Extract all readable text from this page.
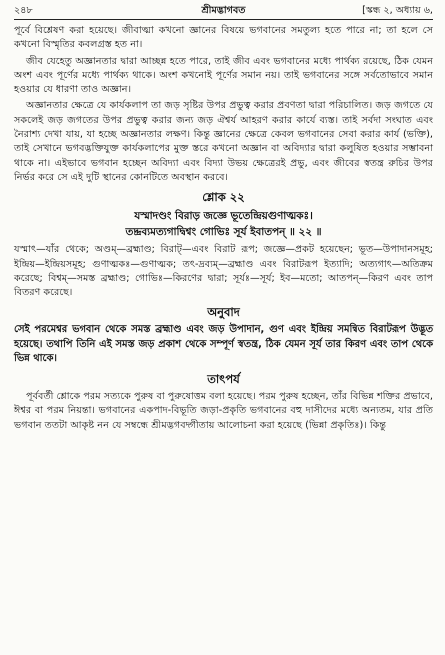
২৪৮	শ্রীমদ্ভাগবত	[স্কন্ধ ২, অধ্যায় ৬,

পূর্বে বিশ্লেষণ করা হয়েছে। জীবাত্মা কখনো জ্ঞানের বিষয়ে ভগবানের সমতুল্য হতে পারে না; তা হলে সে কখনো বিস্মৃতির কবলগ্রস্ত হত না।

জীব যেহেতু অজ্ঞানতার দ্বারা আচ্ছন্ন হতে পারে, তাই জীব এবং ভগবানের মধ্যে পার্থক্য রয়েছে, ঠিক যেমন অংশ এবং পূর্ণের মধ্যে পার্থক্য থাকে। অংশ কখনোই পূর্ণের সমান নয়। তাই ভগবানের সঙ্গে সর্বতোভাবে সমান হওয়ার যে ধারণা তাও অজ্ঞান।

অজ্ঞানতার ক্ষেত্রে যে কার্যকলাপ তা জড় সৃষ্টির উপর প্রভুত্ব করার প্রবণতা দ্বারা পরিচালিত। জড় জগতে যে সকলেই জড় জগতের উপর প্রভুত্ব করার জন্য জড় ঐশ্বর্য আহরণ করার কার্যে ব্যস্ত। তাই সর্বদা সংঘাত এবং নৈরাশ্য দেখা যায়, যা হচ্ছে অজ্ঞানতার লক্ষণ। কিন্তু জ্ঞানের ক্ষেত্রে কেবল ভগবানের সেবা করার কার্য (ভক্তি), তাই সেখানে ভগবদ্ভক্তিযুক্ত কার্যকলাপের মুক্ত স্তরে কখনো অজ্ঞান বা অবিদ্যার দ্বারা কলুষিত হওয়ার সম্ভাবনা থাকে না। এইভাবে ভগবান হচ্ছেন অবিদ্যা এবং বিদ্যা উভয় ক্ষেত্রেরই প্রভু, এবং জীবের স্বতন্ত্র রুচির উপর নির্ভর করে সে এই দুটি স্থানের কোনটিতে অবস্থান করবে।

শ্লোক ২২
যস্মাদণ্ডং বিরাড় জজ্ঞে ভূতেন্দ্রিয়গুণাত্মকঃ।
তদ্দ্রব্যমত্যগাদ্বিশ্বং গোভিঃ সূর্য ইবাতপন্ ॥ ২২ ॥

যস্মাৎ—যাঁর থেকে; অণ্ডম্—ব্রহ্মাণ্ড; বিরাট্—এবং বিরাট রূপ; জজ্ঞে—প্রকট হয়েছেন; ভূত—উপাদানসমূহ; ইন্দ্রিয়—ইন্দ্রিয়সমূহ; গুণাত্মকঃ—গুণাত্মক; তৎ-দ্রব্যম্—ব্রহ্মাণ্ড এবং বিরাটরূপ ইত্যাদি; অত্যগাৎ—অতিক্রম করেছে; বিশ্বম্—সমস্ত ব্রহ্মাণ্ড; গোভিঃ—কিরণের দ্বারা; সূর্যঃ—সূর্য; ইব—মতো; আতপন্—কিরণ এবং তাপ বিতরণ করেছে।

অনুবাদ

সেই পরমেশ্বর ভগবান থেকে সমস্ত ব্রহ্মাণ্ড এবং জড় উপাদান, গুণ এবং ইন্দ্রিয় সমন্বিত বিরাটরূপ উদ্ভূত হয়েছে। তথাপি তিনি এই সমস্ত জড় প্রকাশ থেকে সম্পূর্ণ স্বতন্ত্র, ঠিক যেমন সূর্য তার কিরণ এবং তাপ থেকে ভিন্ন থাকে।

তাৎপর্য

পূর্ববর্তী শ্লোকে পরম সত্যকে পুরুষ বা পুরুষোত্তম বলা হয়েছে। পরম পুরুষ হচ্ছেন, তাঁর বিভিন্ন শক্তির প্রভাবে, ঈশ্বর বা পরম নিয়ন্তা। ভগবানের একপাদ-বিভূতি জড়া-প্রকৃতি ভগবানের বহু দাসীদের মধ্যে অন্যতম, যার প্রতি ভগবান ততটা আকৃষ্ট নন যে সম্বন্ধে শ্রীমদ্ভগবদ্গীতায় আলোচনা করা হয়েছে (ভিন্না প্রকৃতিঃ)। কিন্তু
